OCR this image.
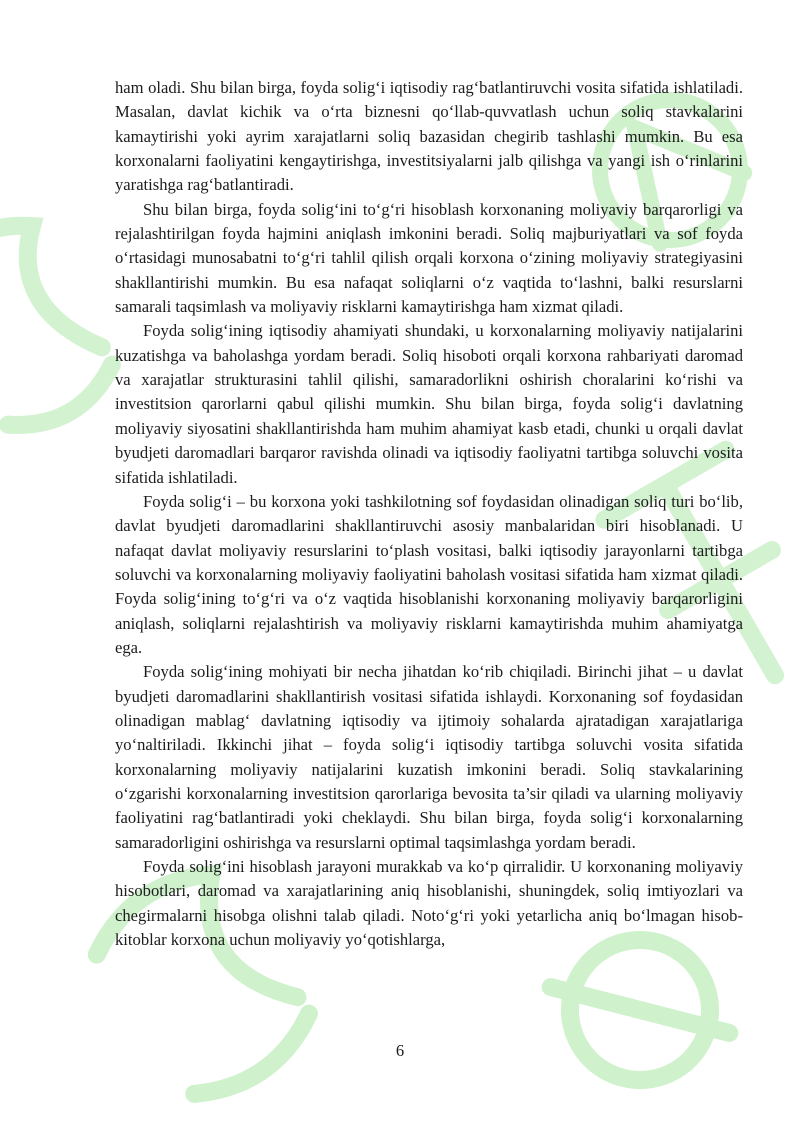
ham oladi. Shu bilan birga, foyda solig‘i iqtisodiy rag‘batlantiruvchi vosita sifatida ishlatiladi. Masalan, davlat kichik va o‘rta biznesni qo‘llab-quvvatlash uchun soliq stavkalarini kamaytirishi yoki ayrim xarajatlarni soliq bazasidan chegirib tashlashi mumkin. Bu esa korxonalarni faoliyatini kengaytirishga, investitsiyalarni jalb qilishga va yangi ish o‘rinlarini yaratishga rag‘batlantiradi.

Shu bilan birga, foyda solig‘ini to‘g‘ri hisoblash korxonaning moliyaviy barqarorligi va rejalashtirilgan foyda hajmini aniqlash imkonini beradi. Soliq majburiyatlari va sof foyda o‘rtasidagi munosabatni to‘g‘ri tahlil qilish orqali korxona o‘zining moliyaviy strategiyasini shakllantirishi mumkin. Bu esa nafaqat soliqlarni o‘z vaqtida to‘lashni, balki resurslarni samarali taqsimlash va moliyaviy risklarni kamaytirishga ham xizmat qiladi.

Foyda solig‘ining iqtisodiy ahamiyati shundaki, u korxonalarning moliyaviy natijalarini kuzatishga va baholashga yordam beradi. Soliq hisoboti orqali korxona rahbariyati daromad va xarajatlar strukturasini tahlil qilishi, samaradorlikni oshirish choralarini ko‘rishi va investitsion qarorlarni qabul qilishi mumkin. Shu bilan birga, foyda solig‘i davlatning moliyaviy siyosatini shakllantirishda ham muhim ahamiyat kasb etadi, chunki u orqali davlat byudjeti daromadlari barqaror ravishda olinadi va iqtisodiy faoliyatni tartibga soluvchi vosita sifatida ishlatiladi.

Foyda solig‘i – bu korxona yoki tashkilotning sof foydasidan olinadigan soliq turi bo‘lib, davlat byudjeti daromadlarini shakllantiruvchi asosiy manbalaridan biri hisoblanadi. U nafaqat davlat moliyaviy resurslarini to‘plash vositasi, balki iqtisodiy jarayonlarni tartibga soluvchi va korxonalarning moliyaviy faoliyatini baholash vositasi sifatida ham xizmat qiladi. Foyda solig‘ining to‘g‘ri va o‘z vaqtida hisoblanishi korxonaning moliyaviy barqarorligini aniqlash, soliqlarni rejalashtirish va moliyaviy risklarni kamaytirishda muhim ahamiyatga ega.

Foyda solig‘ining mohiyati bir necha jihatdan ko‘rib chiqiladi. Birinchi jihat – u davlat byudjeti daromadlarini shakllantirish vositasi sifatida ishlaydi. Korxonaning sof foydasidan olinadigan mablag‘ davlatning iqtisodiy va ijtimoiy sohalarda ajratadigan xarajatlariga yo‘naltiriladi. Ikkinchi jihat – foyda solig‘i iqtisodiy tartibga soluvchi vosita sifatida korxonalarning moliyaviy natijalarini kuzatish imkonini beradi. Soliq stavkalarining o‘zgarishi korxonalarning investitsion qarorlariga bevosita ta’sir qiladi va ularning moliyaviy faoliyatini rag‘batlantiradi yoki cheklaydi. Shu bilan birga, foyda solig‘i korxonalarning samaradorligini oshirishga va resurslarni optimal taqsimlashga yordam beradi.

Foyda solig‘ini hisoblash jarayoni murakkab va ko‘p qirralidir. U korxonaning moliyaviy hisobotlari, daromad va xarajatlarining aniq hisoblanishi, shuningdek, soliq imtiyozlari va chegirmalarni hisobga olishni talab qiladi. Noto‘g‘ri yoki yetarlicha aniq bo‘lmagan hisob-kitoblar korxona uchun moliyaviy yo‘qotishlarga,

6
